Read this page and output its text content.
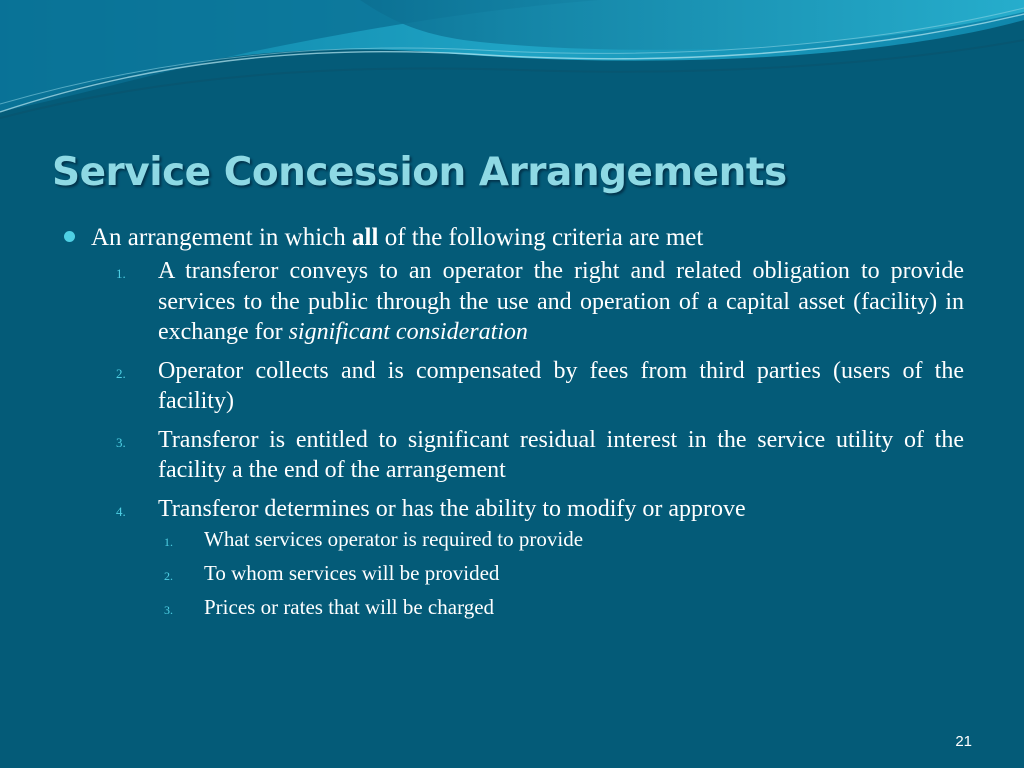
Service Concession Arrangements
An arrangement in which all of the following criteria are met
1.	A transferor conveys to an operator the right and related obligation to provide services to the public through the use and operation of a capital asset (facility) in exchange for significant consideration
2.	Operator collects and is compensated by fees from third parties (users of the facility)
3.	Transferor is entitled to significant residual interest in the service utility of the facility a the end of the arrangement
4.	Transferor determines or has the ability to modify or approve
1.	What services operator is required to provide
2.	To whom services will be provided
3.	Prices or rates that will be charged
21
